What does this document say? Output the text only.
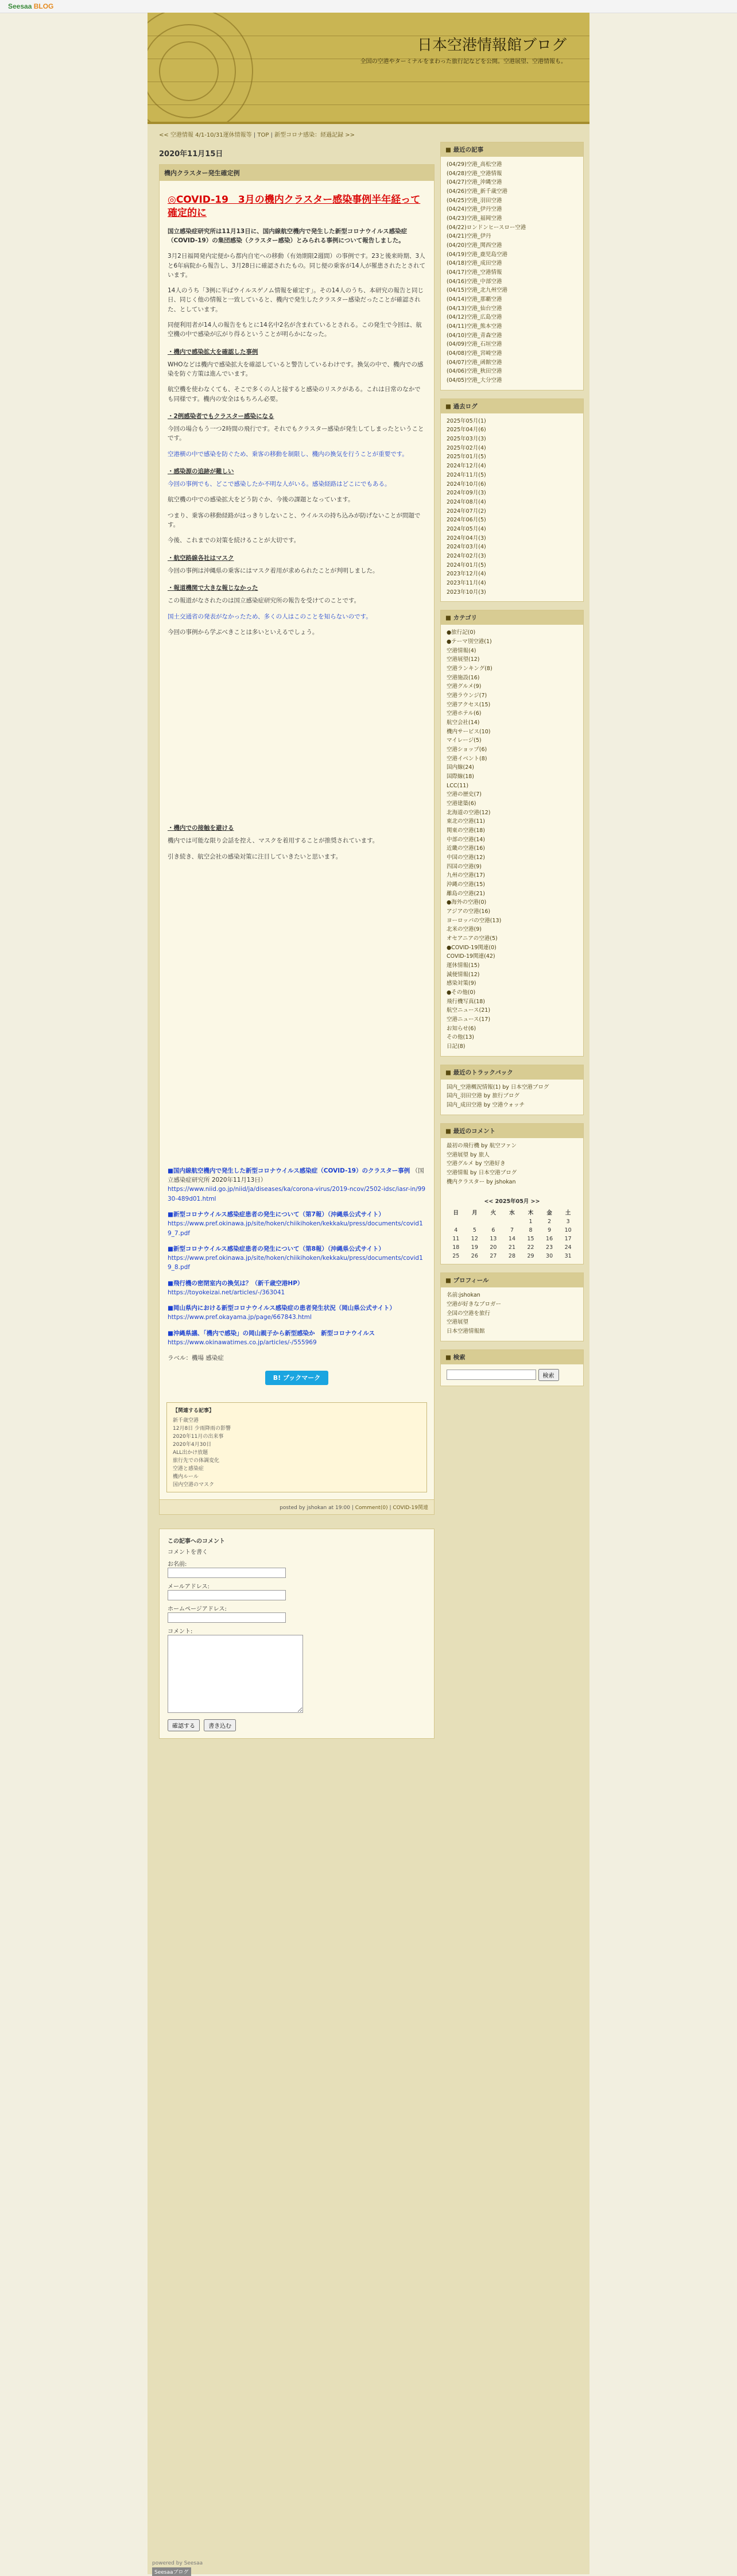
Seesaa BLOG
日本空港情報館ブログ
全国の空港やターミナルをまわった旅行記などを公開。空港展望、空港情報も。
<< 空港情報 4/1-10/31運休情報等 | TOP | 新型コロナ感染：経過記録 >>
2020年11月15日
機内クラスター発生確定例
◎COVID-19　3月の機内クラスター感染事例半年経って確定的に

国立感染症研究所は11月13日に、国内線航空機内で発生した新型コロナウイルス感染症（COVID-19）の集団感染（クラスター感染）とみられる事例について報告しました。

3月2日福岡発内定便から都内自宅への移動（有効期限2週間）の事例です。23と後来時期、3人と6年病院から報告し、3月28日に確認されたもの。同じ便の乗客が14人が罹患されたとされています。

14人のうち「3例に半ばウイルスゲノム情報を確定す」。その14人のうち、本研究の報告と同じ日、同じく他の情報と一致していると、機内で発生したクラスター感染だったことが確認された、としています。

同便利用者が14人の報告をもとに14名中2名が含まれているとされる。この発生で今回は、航空機の中で感染が広がり得るということが明らかになった。

・機内で感染拡大を確認した事例

WHOなどは機内で感染拡大を確認していると警告しているわけです。換気の中で、機内での感染を防ぐ方策は進んでいます。

航空機を使わなくても、そこで多くの人と接すると感染のリスクがある。これは日常のなかでも同様です。機内の安全はもちろん必要。

・2例感染者でもクラスター感染になる

今回の場合もう一つ2時間の飛行です。それでもクラスター感染が発生してしまったということです。

空港横の中で感染を防ぐため、乗客の移動を制限し、機内の換気を行うことが重要です。

・感染源の追跡が難しい

今回の事例でも、どこで感染したか不明な人がいる。感染経路はどこにでもある。

航空機の中での感染拡大をどう防ぐか、今後の課題となっています。

つまり、乗客の移動経路がはっきりしないこと、ウイルスの持ち込みが防げないことが問題です。

今後、これまでの対策を続けることが大切です。

・航空路線各社はマスク

今回の事例は沖縄県の乗客にはマスク着用が求められたことが判明しました。

・報道機関で大きな報じなかった

この報道がなされたのは国立感染症研究所の報告を受けてのことです。

国土交通省の発表がなかったため、多くの人はこのことを知らないのです。

今回の事例から学ぶべきことは多いといえるでしょう。

・機内での接触を避ける

機内では可能な限り会話を控え、マスクを着用することが推奨されています。

引き続き、航空会社の感染対策に注目していきたいと思います。

■国内線航空機内で発生した新型コロナウイルス感染症（COVID-19）のクラスター事例 （国立感染症研究所 2020年11月13日）
https://www.niid.go.jp/niid/ja/diseases/ka/corona-virus/2019-ncov/2502-idsc/iasr-in/9930-489d01.html

■新型コロナウイルス感染症患者の発生について（第7報）（沖縄県公式サイト）
https://www.pref.okinawa.jp/site/hoken/chiikihoken/kekkaku/press/documents/covid19_7.pdf

■新型コロナウイルス感染症患者の発生について（第8報）（沖縄県公式サイト）
https://www.pref.okinawa.jp/site/hoken/chiikihoken/kekkaku/press/documents/covid19_8.pdf

■飛行機の密閉室内の換気は？（新千歳空港HP）
https://toyokeizai.net/articles/-/363041

■岡山県内における新型コロナウイルス感染症の患者発生状況（岡山県公式サイト）
https://www.pref.okayama.jp/page/667843.html

■沖縄県議、「機内で感染」の岡山親子から新型感染か　新型コロナウイルス
https://www.okinawatimes.co.jp/articles/-/555969

ラベル：機場 感染症

B! ブックマーク
【関連する記事】
新千歳空港
12月8日 少雨降雨の影響
2020年11月の出来事
2020年4月30日
ALL出かけ放題
旅行先での体調変化
空港と感染症
機内ルール
国内空港のマスク
posted by jshokan at 19:00 | Comment(0) | COVID-19関連
この記事へのコメント
コメントを書く
お名前:
メールアドレス:
ホームページアドレス:
コメント:
確認する 書き込む
■ 最近の記事
(04/29)空港_高松空港
(04/28)空港_空港情報
(04/27)空港_沖縄空港
(04/26)空港_新千歳空港
(04/25)空港_羽田空港
(04/24)空港_伊丹空港
(04/23)空港_福岡空港
(04/22)ロンドンヒースロー空港
(04/21)空港_伊丹
(04/20)空港_関西空港
(04/19)空港_鹿児島空港
(04/18)空港_成田空港
(04/17)空港_空港情報
(04/16)空港_中部空港
(04/15)空港_北九州空港
(04/14)空港_那覇空港
(04/13)空港_仙台空港
(04/12)空港_広島空港
(04/11)空港_熊本空港
(04/10)空港_青森空港
(04/09)空港_石垣空港
(04/08)空港_宮崎空港
(04/07)空港_函館空港
(04/06)空港_秋田空港
(04/05)空港_大分空港
■ 過去ログ
2025年05月(1)
2025年04月(6)
2025年03月(3)
2025年02月(4)
2025年01月(5)
2024年12月(4)
2024年11月(5)
2024年10月(6)
2024年09月(3)
2024年08月(4)
2024年07月(2)
2024年06月(5)
2024年05月(4)
2024年04月(3)
2024年03月(4)
2024年02月(3)
2024年01月(5)
2023年12月(4)
2023年11月(4)
2023年10月(3)
■ カテゴリ
●旅行記(0)
●テーマ別空港(1)
空港情報(4)
空港展望(12)
空港ランキング(8)
空港施設(16)
空港グルメ(9)
空港ラウンジ(7)
空港アクセス(15)
空港ホテル(6)
航空会社(14)
機内サービス(10)
マイレージ(5)
空港ショップ(6)
空港イベント(8)
国内線(24)
国際線(18)
LCC(11)
空港の歴史(7)
空港建築(6)
北海道の空港(12)
東北の空港(11)
関東の空港(18)
中部の空港(14)
近畿の空港(16)
中国の空港(12)
四国の空港(9)
九州の空港(17)
沖縄の空港(15)
離島の空港(21)
●海外の空港(0)
アジアの空港(16)
ヨーロッパの空港(13)
北米の空港(9)
オセアニアの空港(5)
●COVID-19関連(0)
COVID-19関連(42)
運休情報(15)
減便情報(12)
感染対策(9)
●その他(0)
飛行機写真(18)
航空ニュース(21)
空港ニュース(17)
お知らせ(6)
その他(13)
日記(8)
■ 最近のトラックバック
国内_空港概況情報(1) by 日本空港ブログ
国内_羽田空港 by 旅行ブログ
国内_成田空港 by 空港ウォッチ
■ 最近のコメント
最初の飛行機 by 航空ファン
空港展望 by 旅人
空港グルメ by 空港好き
空港情報 by 日本空港ブログ
機内クラスター by jshokan
<< 2025年05月 >>
日	月	火	水	木	金	土
				1	2	3
4	5	6	7	8	9	10
11	12	13	14	15	16	17
18	19	20	21	22	23	24
25	26	27	28	29	30	31
■ プロフィール
名前:jshokan
空港が好きなブロガー
全国の空港を旅行
空港展望
日本空港情報館
■ 検索
検索
powered by Seesaa
Seesaaブログ
